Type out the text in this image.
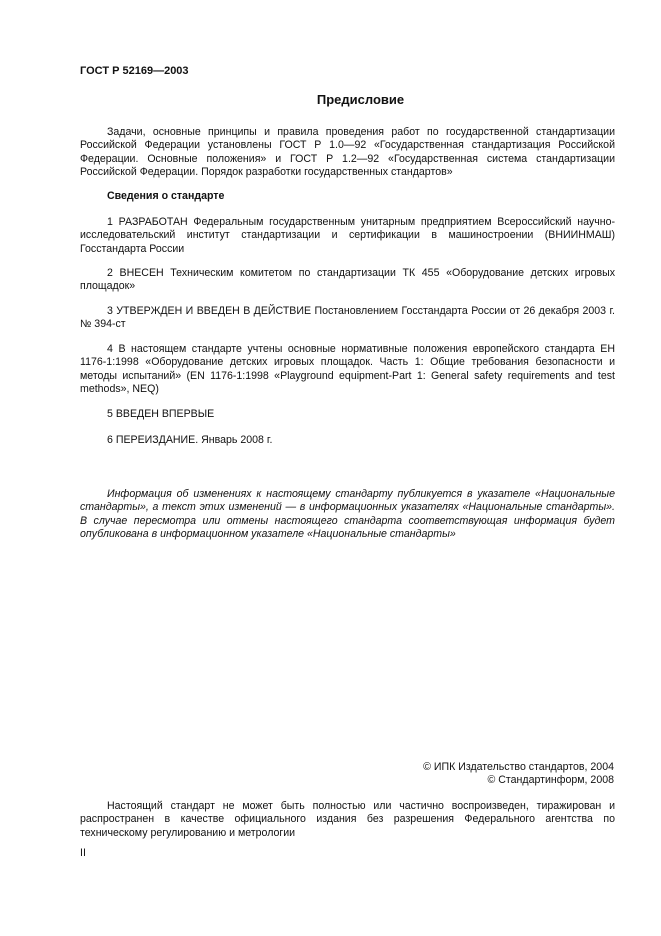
ГОСТ Р 52169—2003
Предисловие

Задачи, основные принципы и правила проведения работ по государственной стандартизации Российской Федерации установлены ГОСТ Р 1.0—92 «Государственная стандартизация Российской Федерации. Основные положения» и ГОСТ Р 1.2—92 «Государственная система стандартизации Российской Федерации. Порядок разработки государственных стандартов»

Сведения о стандарте

1 РАЗРАБОТАН Федеральным государственным унитарным предприятием Всероссийский научно-исследовательский институт стандартизации и сертификации в машиностроении (ВНИИНМАШ) Госстандарта России

2 ВНЕСЕН Техническим комитетом по стандартизации ТК 455 «Оборудование детских игровых площадок»

3 УТВЕРЖДЕН И ВВЕДЕН В ДЕЙСТВИЕ Постановлением Госстандарта России от 26 декабря 2003 г. № 394-ст

4 В настоящем стандарте учтены основные нормативные положения европейского стандарта ЕН 1176-1:1998 «Оборудование детских игровых площадок. Часть 1: Общие требования безопасности и методы испытаний» (EN 1176-1:1998 «Playground equipment-Part 1: General safety requirements and test methods», NEQ)

5 ВВЕДЕН ВПЕРВЫЕ

6 ПЕРЕИЗДАНИЕ. Январь 2008 г.

Информация об изменениях к настоящему стандарту публикуется в указателе «Национальные стандарты», а текст этих изменений — в информационных указателях «Национальные стандарты». В случае пересмотра или отмены настоящего стандарта соответствующая информация будет опубликована в информационном указателе «Национальные стандарты»

© ИПК Издательство стандартов, 2004
© Стандартинформ, 2008

Настоящий стандарт не может быть полностью или частично воспроизведен, тиражирован и распространен в качестве официального издания без разрешения Федерального агентства по техническому регулированию и метрологии

II
